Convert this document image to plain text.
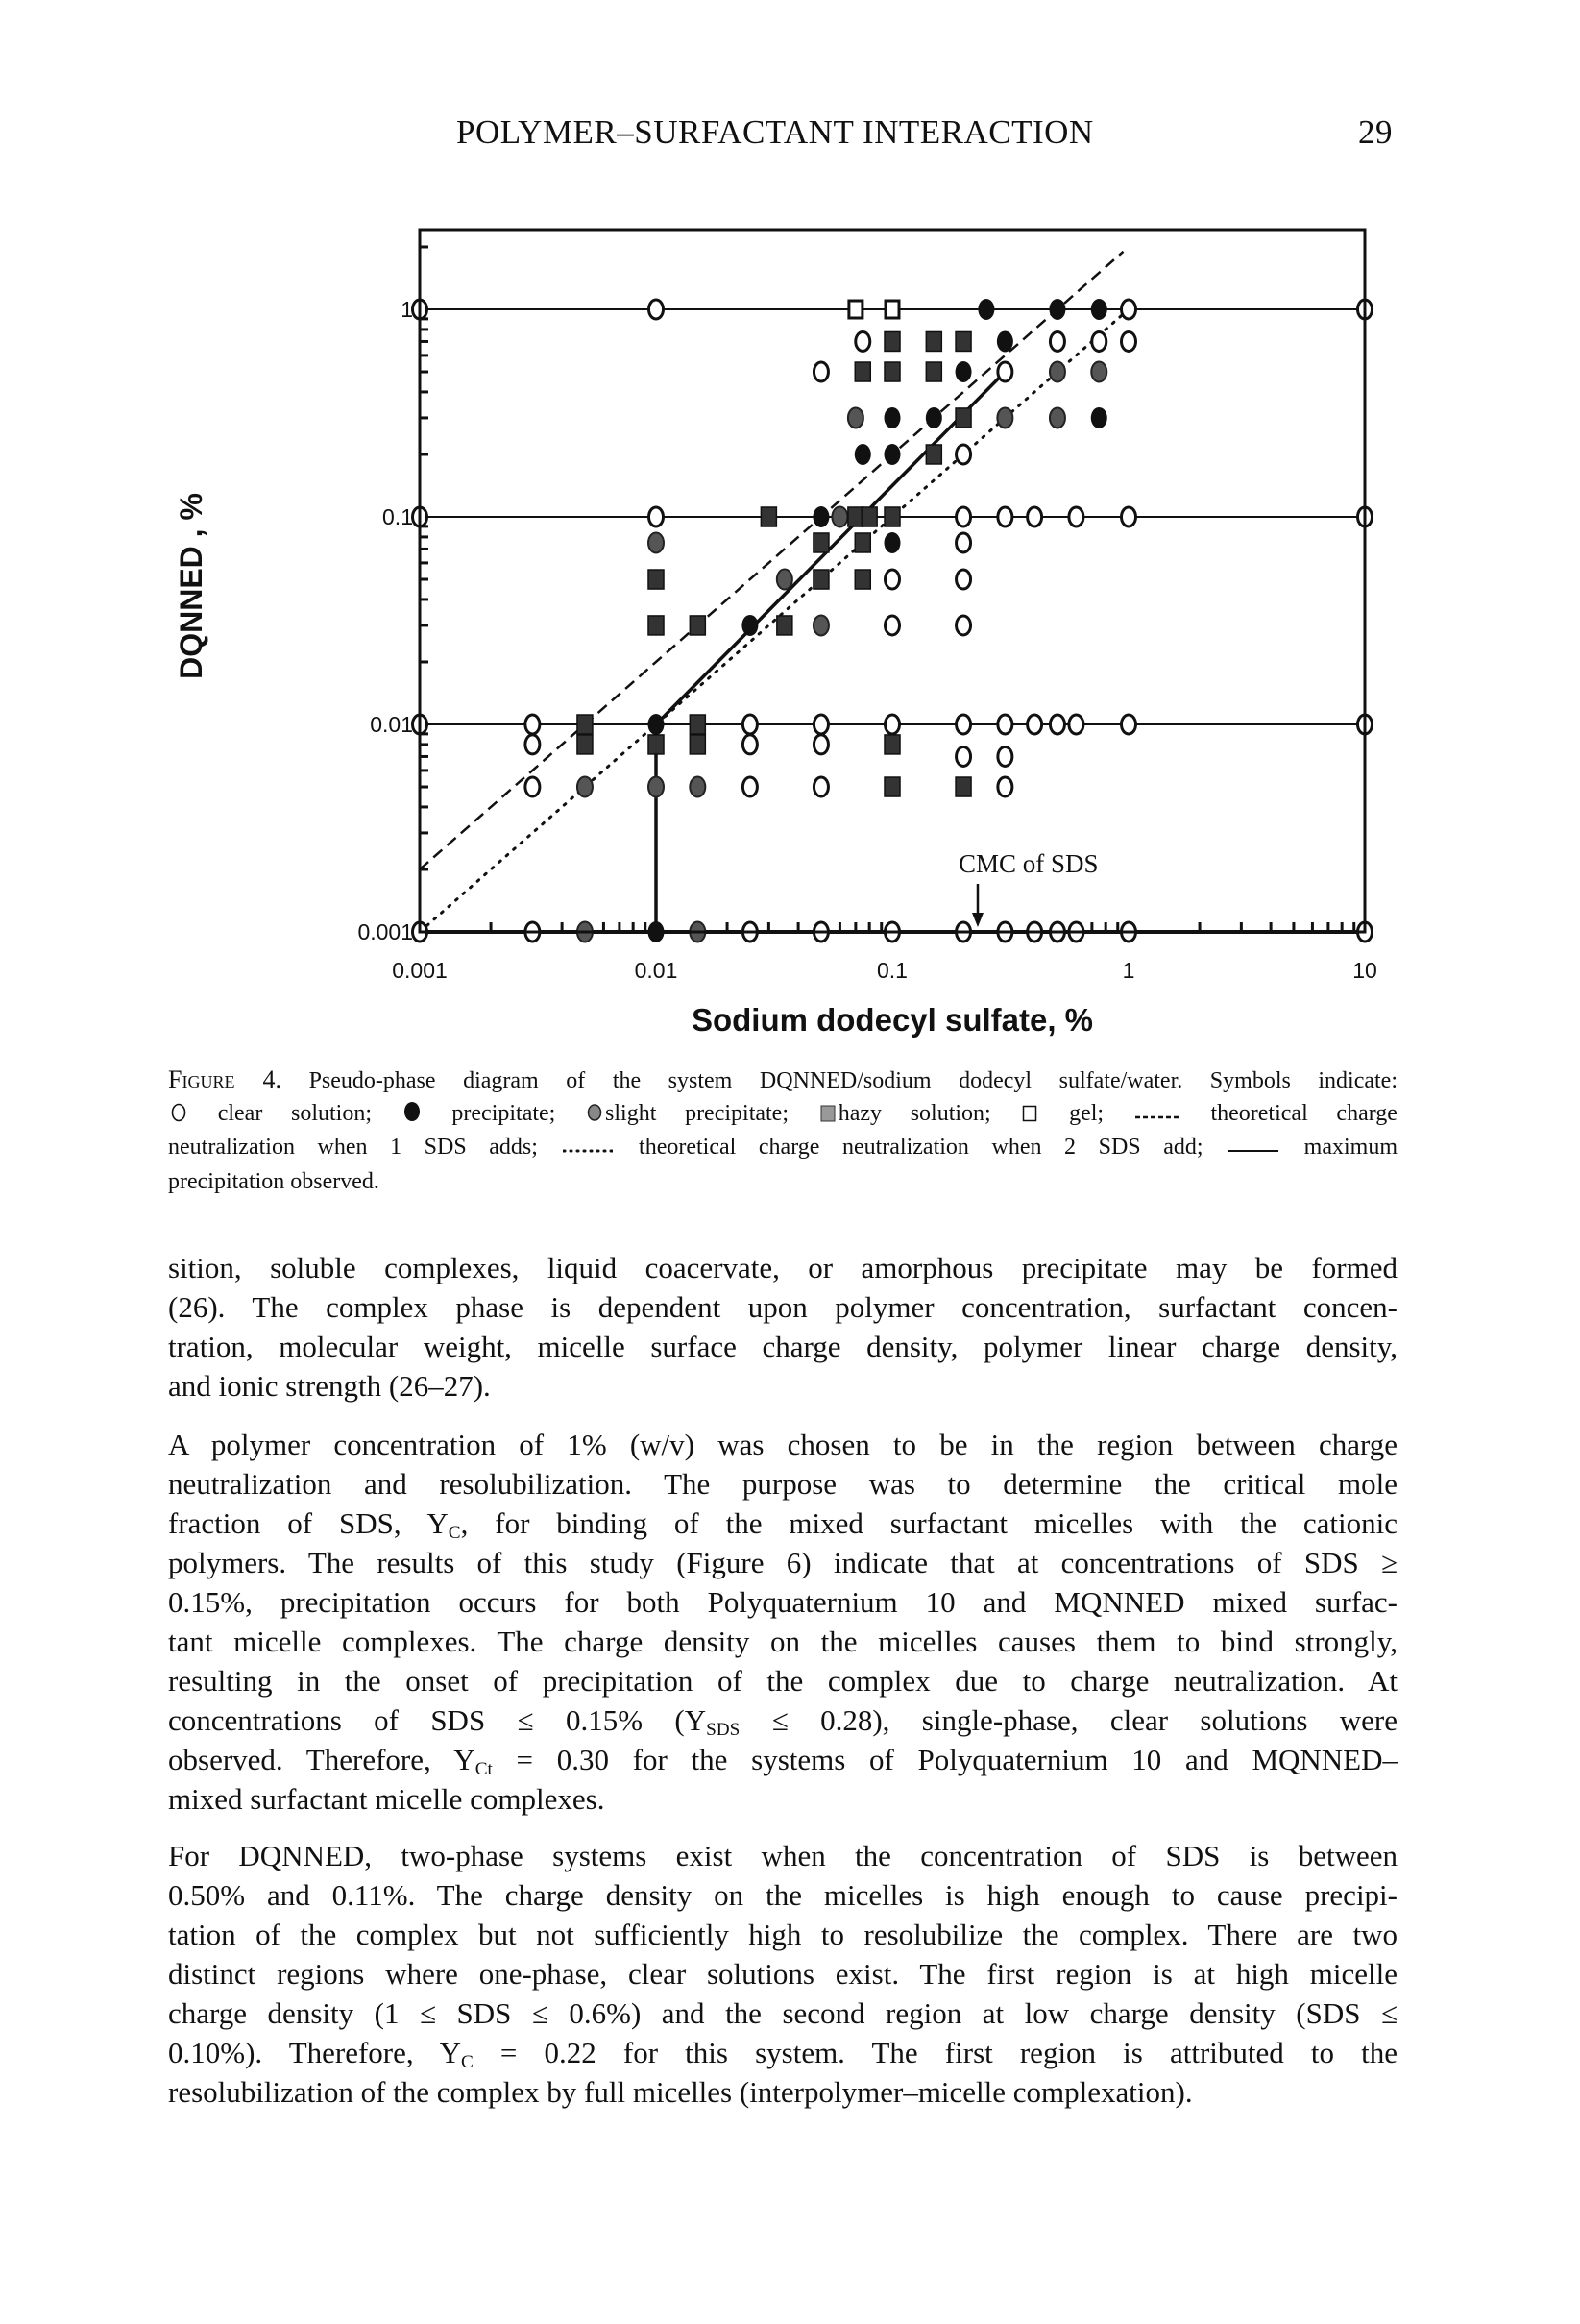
POLYMER–SURFACTANT INTERACTION	29
0.001	0.01	0.1	1	10
0.001
0.01
0.1
1
CMC of SDS
Sodium dodecyl sulfate, %
DQNNED , %
Figure 4. Pseudo-phase diagram of the system DQNNED/sodium dodecyl sulfate/water. Symbols indicate:
clear solution;  precipitate; slight precipitate; hazy solution;  gel;  theoretical charge
neutralization when 1 SDS adds;  theoretical charge neutralization when 2 SDS add;  maximum
precipitation observed.
sition, soluble complexes, liquid coacervate, or amorphous precipitate may be formed
(26). The complex phase is dependent upon polymer concentration, surfactant concen-
tration, molecular weight, micelle surface charge density, polymer linear charge density,
and ionic strength (26–27).
A polymer concentration of 1% (w/v) was chosen to be in the region between charge
neutralization and resolubilization. The purpose was to determine the critical mole
fraction of SDS, $Y_C$, for binding of the mixed surfactant micelles with the cationic
polymers. The results of this study (Figure 6) indicate that at concentrations of SDS ≥
0.15%, precipitation occurs for both Polyquaternium 10 and MQNNED mixed surfac-
tant micelle complexes. The charge density on the micelles causes them to bind strongly,
resulting in the onset of precipitation of the complex due to charge neutralization. At
concentrations of SDS ≤ 0.15% $(Y_{SDS} \le 0.28)$, single-phase, clear solutions were
observed. Therefore, $Y_{Ct} = 0.30$ for the systems of Polyquaternium 10 and MQNNED–
mixed surfactant micelle complexes.
For DQNNED, two-phase systems exist when the concentration of SDS is between
0.50% and 0.11%. The charge density on the micelles is high enough to cause precipi-
tation of the complex but not sufficiently high to resolubilize the complex. There are two
distinct regions where one-phase, clear solutions exist. The first region is at high micelle
charge density (1 ≤ SDS ≤ 0.6%) and the second region at low charge density (SDS ≤
0.10%). Therefore, $Y_C = 0.22$ for this system. The first region is attributed to the
resolubilization of the complex by full micelles (interpolymer–micelle complexation).
